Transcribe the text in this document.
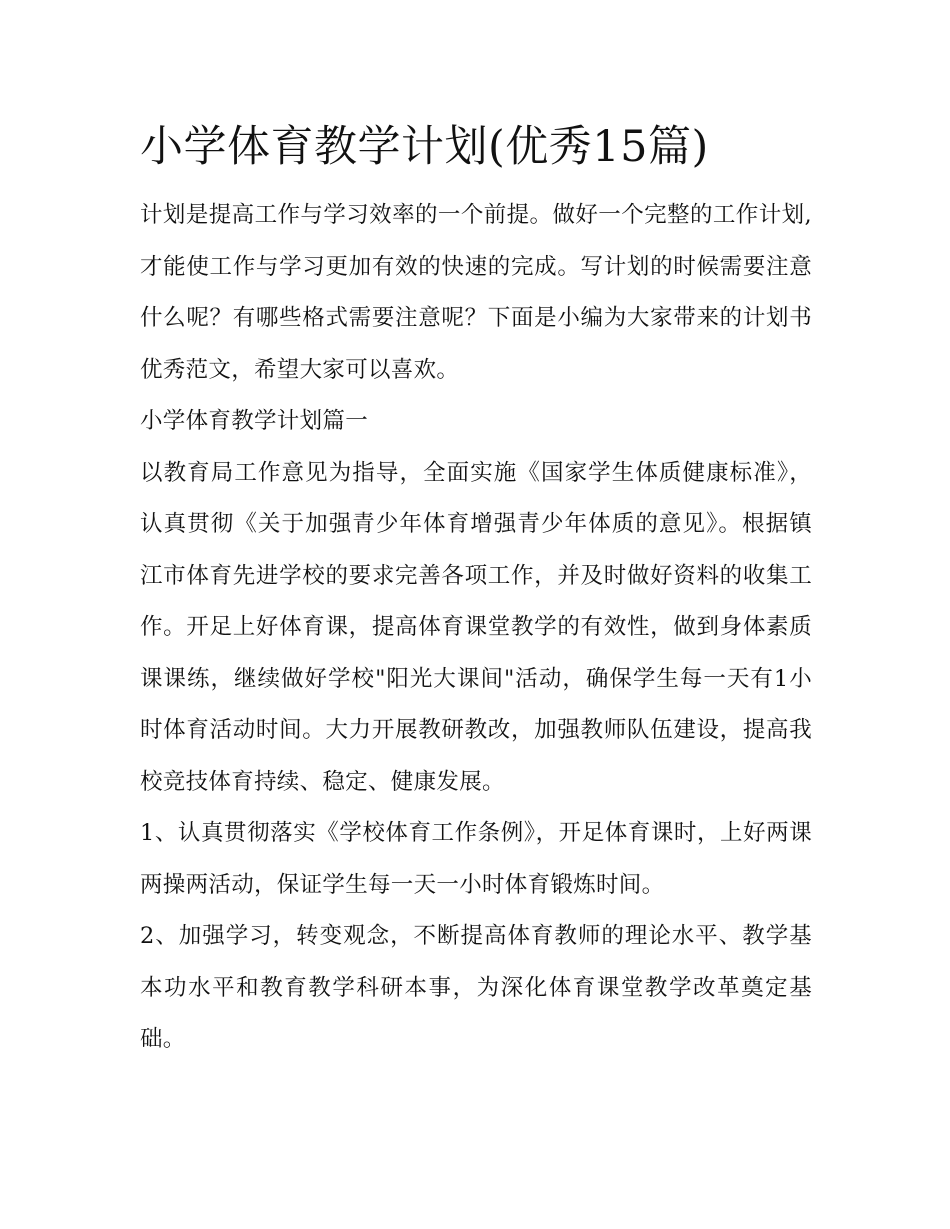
小学体育教学计划(优秀15篇)

计划是提高工作与学习效率的一个前提。做好一个完整的工作计划,才能使工作与学习更加有效的快速的完成。写计划的时候需要注意什么呢？有哪些格式需要注意呢？下面是小编为大家带来的计划书优秀范文，希望大家可以喜欢。

小学体育教学计划篇一

以教育局工作意见为指导，全面实施《国家学生体质健康标准》，认真贯彻《关于加强青少年体育增强青少年体质的意见》。根据镇江市体育先进学校的要求完善各项工作，并及时做好资料的收集工作。开足上好体育课，提高体育课堂教学的有效性，做到身体素质课课练，继续做好学校"阳光大课间"活动，确保学生每一天有1小时体育活动时间。大力开展教研教改，加强教师队伍建设，提高我校竞技体育持续、稳定、健康发展。

1、认真贯彻落实《学校体育工作条例》，开足体育课时，上好两课两操两活动，保证学生每一天一小时体育锻炼时间。

2、加强学习，转变观念，不断提高体育教师的理论水平、教学基本功水平和教育教学科研本事，为深化体育课堂教学改革奠定基础。
